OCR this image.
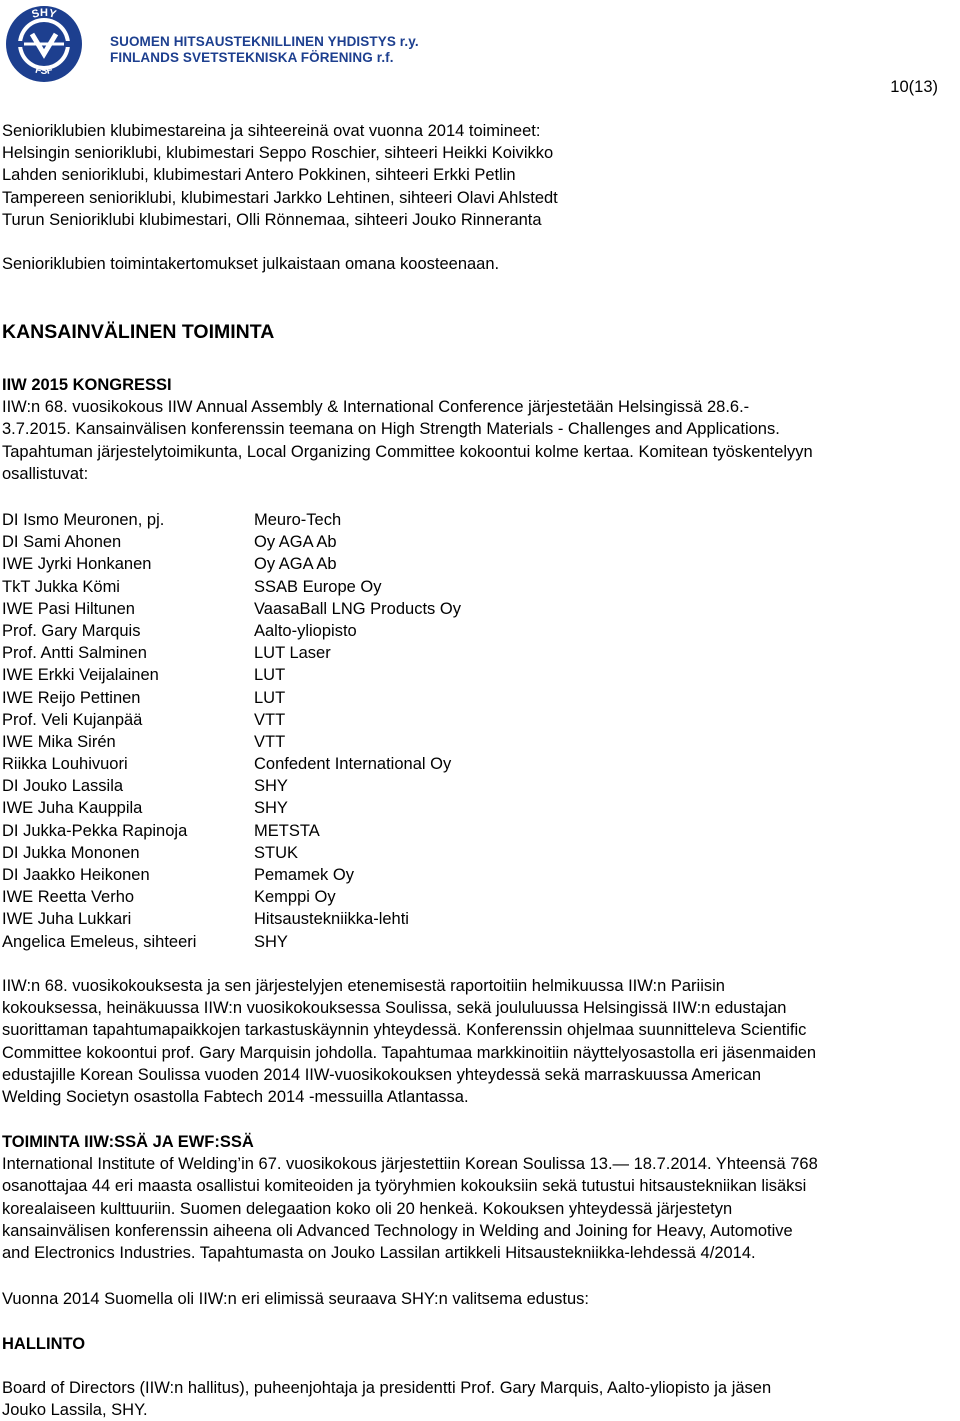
SHY
FSF
SUOMEN HITSAUSTEKNILLINEN YHDISTYS r.y.
FINLANDS SVETSTEKNISKA FÖRENING r.f.
10(13)
Senioriklubien klubimestareina ja sihteereinä ovat vuonna 2014 toimineet:
Helsingin senioriklubi, klubimestari Seppo Roschier, sihteeri Heikki Koivikko
Lahden senioriklubi, klubimestari Antero Pokkinen, sihteeri Erkki Petlin
Tampereen senioriklubi, klubimestari Jarkko Lehtinen, sihteeri Olavi Ahlstedt
Turun Senioriklubi klubimestari, Olli Rönnemaa, sihteeri Jouko Rinneranta
Senioriklubien toimintakertomukset julkaistaan omana koosteenaan.
KANSAINVÄLINEN TOIMINTA
IIW 2015 KONGRESSI
IIW:n 68. vuosikokous IIW Annual Assembly & International Conference järjestetään Helsingissä 28.6.-
3.7.2015. Kansainvälisen konferenssin teemana on High Strength Materials - Challenges and Applications.
Tapahtuman järjestelytoimikunta, Local Organizing Committee kokoontui kolme kertaa. Komitean työskentelyyn
osallistuvat:
DI Ismo Meuronen, pj.	Meuro-Tech
DI Sami Ahonen	Oy AGA Ab
IWE Jyrki Honkanen	Oy AGA Ab
TkT Jukka Kömi	SSAB Europe Oy
IWE Pasi Hiltunen	VaasaBall LNG Products Oy
Prof. Gary Marquis	Aalto-yliopisto
Prof. Antti Salminen	LUT Laser
IWE Erkki Veijalainen	LUT
IWE Reijo Pettinen	LUT
Prof. Veli Kujanpää	VTT
IWE Mika Sirén	VTT
Riikka Louhivuori	Confedent International Oy
DI Jouko Lassila	SHY
IWE Juha Kauppila	SHY
DI Jukka-Pekka Rapinoja	METSTA
DI Jukka Mononen	STUK
DI Jaakko Heikonen	Pemamek Oy
IWE Reetta Verho	Kemppi Oy
IWE Juha Lukkari	Hitsaustekniikka-lehti
Angelica Emeleus, sihteeri	SHY
IIW:n 68. vuosikokouksesta ja sen järjestelyjen etenemisestä raportoitiin helmikuussa IIW:n Pariisin
kokouksessa, heinäkuussa IIW:n vuosikokouksessa Soulissa, sekä joululuussa Helsingissä IIW:n edustajan
suorittaman tapahtumapaikkojen tarkastuskäynnin yhteydessä. Konferenssin ohjelmaa suunnitteleva Scientific
Committee kokoontui prof. Gary Marquisin johdolla. Tapahtumaa markkinoitiin näyttelyosastolla eri jäsenmaiden
edustajille Korean Soulissa vuoden 2014 IIW-vuosikokouksen yhteydessä sekä marraskuussa American
Welding Societyn osastolla Fabtech 2014 -messuilla Atlantassa.
TOIMINTA IIW:SSÄ JA EWF:SSÄ
International Institute of Welding’in 67. vuosikokous järjestettiin Korean Soulissa 13.— 18.7.2014. Yhteensä 768
osanottajaa 44 eri maasta osallistui komiteoiden ja työryhmien kokouksiin sekä tutustui hitsaustekniikan lisäksi
korealaiseen kulttuuriin. Suomen delegaation koko oli 20 henkeä. Kokouksen yhteydessä järjestetyn
kansainvälisen konferenssin aiheena oli Advanced Technology in Welding and Joining for Heavy, Automotive
and Electronics Industries. Tapahtumasta on Jouko Lassilan artikkeli Hitsaustekniikka-lehdessä 4/2014.
Vuonna 2014 Suomella oli IIW:n eri elimissä seuraava SHY:n valitsema edustus:
HALLINTO
Board of Directors (IIW:n hallitus), puheenjohtaja ja presidentti Prof. Gary Marquis, Aalto-yliopisto ja jäsen
Jouko Lassila, SHY.
